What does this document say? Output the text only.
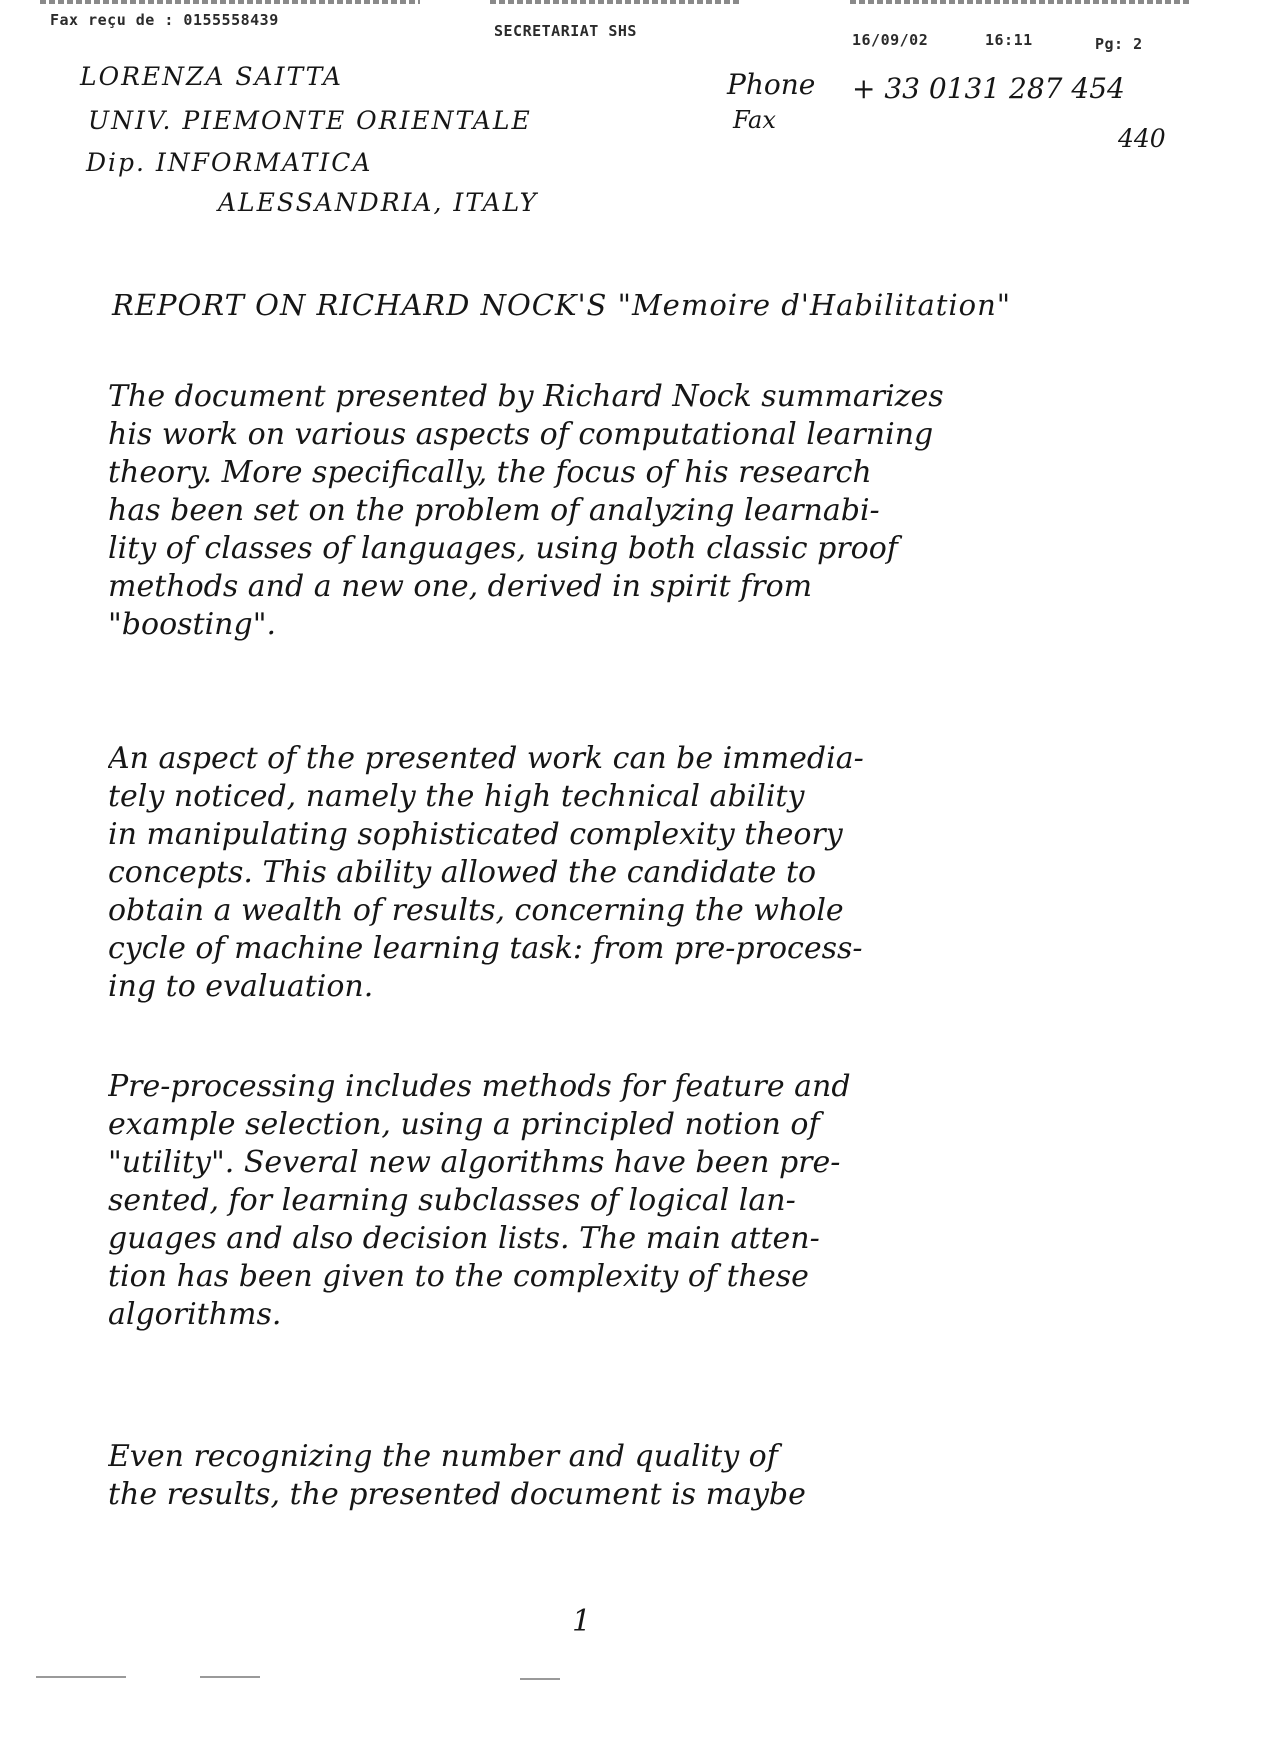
Fax reçu de : 0155558439
SECRETARIAT SHS	16/09/02	16:11	Pg: 2
LORENZA SAITTA
UNIV. PIEMONTE ORIENTALE
Dip. INFORMATICA
ALESSANDRIA, ITALY
Phone + 33 0131 287 454
Fax
440
REPORT ON RICHARD NOCK'S "Memoire d'Habilitation"
The document presented by Richard Nock summarizes
his work on various aspects of computational learning
theory. More specifically, the focus of his research
has been set on the problem of analyzing learnabi-
lity of classes of languages, using both classic proof
methods and a new one, derived in spirit from
"boosting".
An aspect of the presented work can be immedia-
tely noticed, namely the high technical ability
in manipulating sophisticated complexity theory
concepts. This ability allowed the candidate to
obtain a wealth of results, concerning the whole
cycle of machine learning task: from pre-process-
ing to evaluation.
Pre-processing includes methods for feature and
example selection, using a principled notion of
"utility". Several new algorithms have been pre-
sented, for learning subclasses of logical lan-
guages and also decision lists. The main atten-
tion has been given to the complexity of these
algorithms.
Even recognizing the number and quality of
the results, the presented document is maybe
1
